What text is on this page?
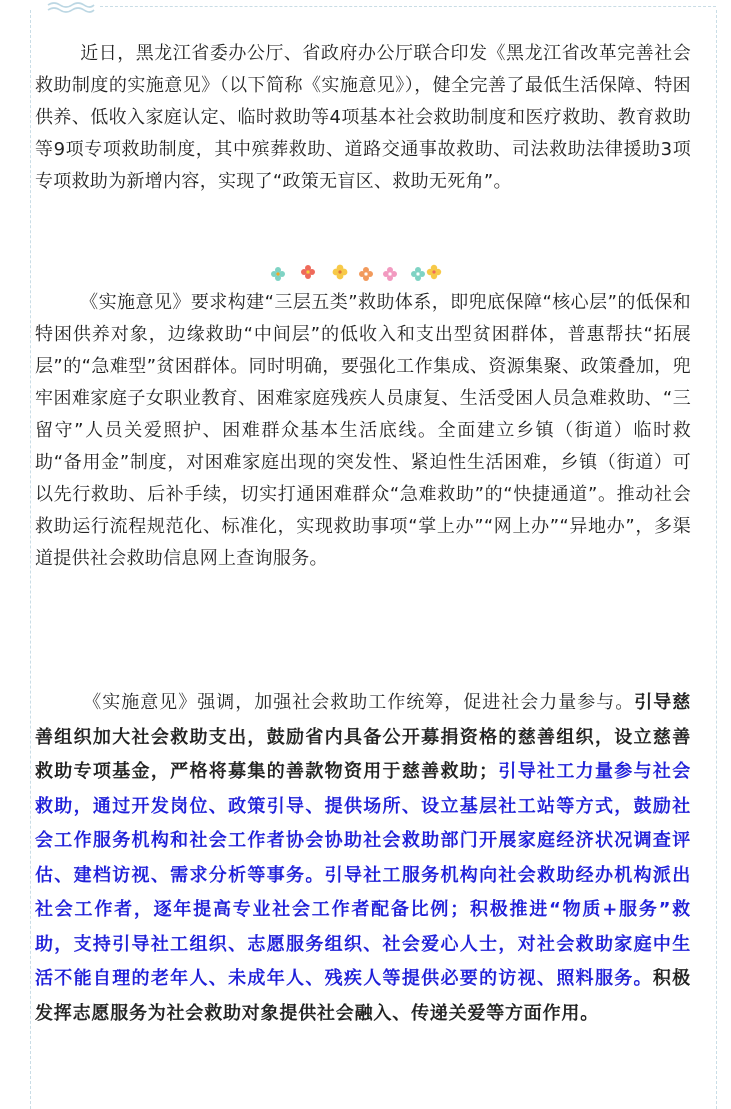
近日，黑龙江省委办公厅、省政府办公厅联合印发《黑龙江省改革完善社会救助制度的实施意见》（以下简称《实施意见》），健全完善了最低生活保障、特困供养、低收入家庭认定、临时救助等4项基本社会救助制度和医疗救助、教育救助等9项专项救助制度，其中殡葬救助、道路交通事故救助、司法救助法律援助3项专项救助为新增内容，实现了“政策无盲区、救助无死角”。

《实施意见》要求构建“三层五类”救助体系，即兜底保障“核心层”的低保和特困供养对象，边缘救助“中间层”的低收入和支出型贫困群体，普惠帮扶“拓展层”的“急难型”贫困群体。同时明确，要强化工作集成、资源集聚、政策叠加，兜牢困难家庭子女职业教育、困难家庭残疾人员康复、生活受困人员急难救助、“三留守”人员关爱照护、困难群众基本生活底线。全面建立乡镇（街道）临时救助“备用金”制度，对困难家庭出现的突发性、紧迫性生活困难，乡镇（街道）可以先行救助、后补手续，切实打通困难群众“急难救助”的“快捷通道”。推动社会救助运行流程规范化、标准化，实现救助事项“掌上办”“网上办”“异地办”，多渠道提供社会救助信息网上查询服务。

《实施意见》强调，加强社会救助工作统筹，促进社会力量参与。引导慈善组织加大社会救助支出，鼓励省内具备公开募捐资格的慈善组织，设立慈善救助专项基金，严格将募集的善款物资用于慈善救助；引导社工力量参与社会救助，通过开发岗位、政策引导、提供场所、设立基层社工站等方式，鼓励社会工作服务机构和社会工作者协会协助社会救助部门开展家庭经济状况调查评估、建档访视、需求分析等事务。引导社工服务机构向社会救助经办机构派出社会工作者，逐年提高专业社会工作者配备比例；积极推进“物质+服务”救助，支持引导社工组织、志愿服务组织、社会爱心人士，对社会救助家庭中生活不能自理的老年人、未成年人、残疾人等提供必要的访视、照料服务。积极发挥志愿服务为社会救助对象提供社会融入、传递关爱等方面作用。
